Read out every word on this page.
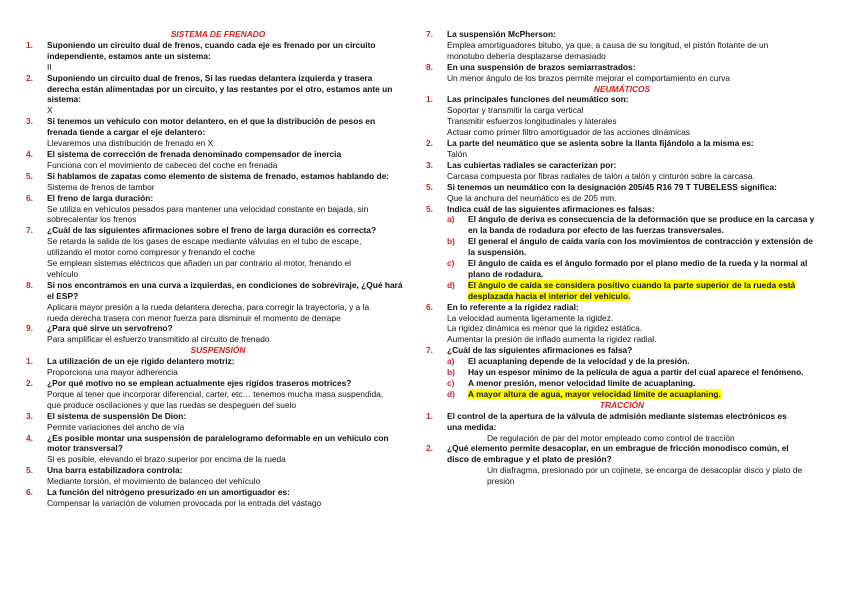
SISTEMA DE FRENADO
1. Suponiendo un circuito dual de frenos, cuando cada eje es frenado por un circuito
independiente, estamos ante un sistema:
II
2. Suponiendo un circuito dual de frenos, Si las ruedas delantera izquierda y trasera
derecha están alimentadas por un circuito, y las restantes por el otro, estamos ante un
sistema:
X
3. Si tenemos un vehículo con motor delantero, en el que la distribución de pesos en
frenada tiende a cargar el eje delantero:
Llevaremos una distribución de frenado en X
4. El sistema de corrección de frenada denominado compensador de inercia
Funciona con el movimiento de cabeceo del coche en frenada
5. Si hablamos de zapatas como elemento de sistema de frenado, estamos hablando de:
Sistema de frenos de tambor
6. El freno de larga duración:
Se utiliza en vehículos pesados para mantener una velocidad constante en bajada, sin
sobrecalentar los frenos
7. ¿Cuál de las siguientes afirmaciones sobre el freno de larga duración es correcta?
Se retarda la salida de los gases de escape mediante válvulas en el tubo de escape,
utilizando el motor como compresor y frenando el coche
Se emplean sistemas eléctricos que añaden un par contrario al motor, frenando el
vehículo
8. Si nos encontramos en una curva a izquierdas, en condiciones de sobreviraje, ¿Qué hará
el ESP?
Aplicara mayor presión a la rueda delantera derecha, para corregir la trayectoria, y a la
rueda derecha trasera con menor fuerza para disminuir el momento de derrape
9. ¿Para qué sirve un servofreno?
Para amplificar el esfuerzo transmitido al circuito de frenado
SUSPENSIÓN
1. La utilización de un eje rígido delantero motriz:
Proporciona una mayor adherencia
2. ¿Por qué motivo no se emplean actualmente ejes rígidos traseros motrices?
Porque al tener que incorporar diferencial, carter, etc… tenemos mucha masa suspendida,
que produce oscilaciones y que las ruedas se despeguen del suelo
3. El sistema de suspensión De Dion:
Permite variaciones del ancho de vía
4. ¿Es posible montar una suspensión de paralelogramo deformable en un vehículo con
motor transversal?
Si es posible, elevando el brazo superior por encima de la rueda
5. Una barra estabilizadora controla:
Mediante torsión, el movimiento de balanceo del vehículo
6. La función del nitrógeno presurizado en un amortiguador es:
Compensar la variación de volumen provocada por la entrada del vástago
7. La suspensión McPherson:
Emplea amortiguadores bitubo, ya que, a causa de su longitud, el pistón flotante de un
monotubo debería desplazarse demasiado
8. En una suspensión de brazos semiarrastrados:
Un menor ángulo de los brazos permite mejorar el comportamiento en curva
NEUMÁTICOS
1. Las principales funciones del neumático son:
Soportar y transmitir la carga vertical
Transmitir esfuerzos longitudinales y laterales
Actuar como primer filtro amortiguador de las acciones dinámicas
2. La parte del neumático que se asienta sobre la llanta fijándolo a la misma es:
Talón
3. Las cubiertas radiales se caracterizan por:
Carcasa compuesta por fibras radiales de talón a talón y cinturón sobre la carcasa.
5. Si tenemos un neumático con la designación 205/45 R16 79 T TUBELESS significa:
Que la anchura del neumático es de 205 mm.
5. Indica cuál de las siguientes afirmaciones es falsas:
a) El ángulo de deriva es consecuencia de la deformación que se produce en la carcasa y
en la banda de rodadura por efecto de las fuerzas transversales.
b) El general el ángulo de caída varía con los movimientos de contracción y extensión de
la suspensión.
c) El ángulo de caída es el ángulo formado por el plano medio de la rueda y la normal al
plano de rodadura.
d) El ángulo de caída se considera positivo cuando la parte superior de la rueda está
desplazada hacia el interior del vehículo.
6. En lo referente a la rigidez radial:
La velocidad aumenta ligeramente la rigidez.
La rigidez dinámica es menor que la rigidez estática.
Aumentar la presión de inflado aumenta la rigidez radial.
7. ¿Cuál de las siguientes afirmaciones es falsa?
a) El acuaplaning depende de la velocidad y de la presión.
b) Hay un espesor mínimo de la película de agua a partir del cual aparece el fenómeno.
c) A menor presión, menor velocidad límite de acuaplaning.
d) A mayor altura de agua, mayor velocidad límite de acuaplaning.
TRACCIÓN
1. El control de la apertura de la válvula de admisión mediante sistemas electrónicos es
una medida:
De regulación de par del motor empleado como control de tracción
2. ¿Qué elemento permite desacoplar, en un embrague de fricción monodisco común, el
disco de embrague y el plato de presión?
Un diafragma, presionado por un cojinete, se encarga de desacoplar disco y plato de
presión
